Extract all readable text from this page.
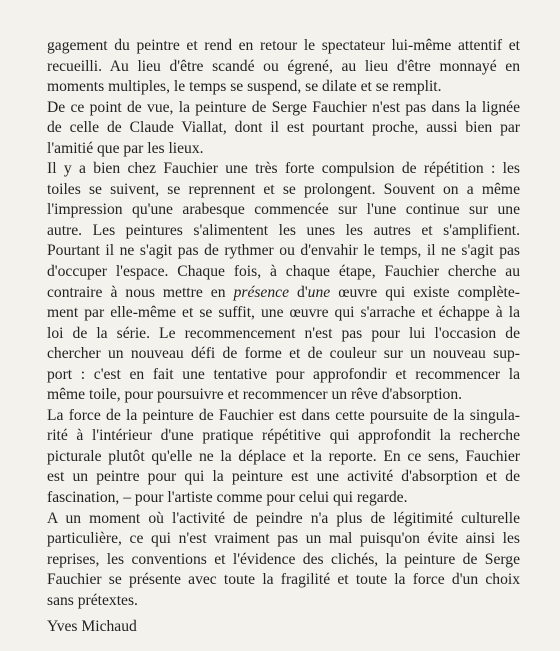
gagement du peintre et rend en retour le spectateur lui-même attentif et
recueilli. Au lieu d'être scandé ou égrené, au lieu d'être monnayé en
moments multiples, le temps se suspend, se dilate et se remplit.

De ce point de vue, la peinture de Serge Fauchier n'est pas dans la lignée
de celle de Claude Viallat, dont il est pourtant proche, aussi bien par
l'amitié que par les lieux.

Il y a bien chez Fauchier une très forte compulsion de répétition : les
toiles se suivent, se reprennent et se prolongent. Souvent on a même
l'impression qu'une arabesque commencée sur l'une continue sur une
autre. Les peintures s'alimentent les unes les autres et s'amplifient.
Pourtant il ne s'agit pas de rythmer ou d'envahir le temps, il ne s'agit pas
d'occuper l'espace. Chaque fois, à chaque étape, Fauchier cherche au
contraire à nous mettre en présence d'une œuvre qui existe complète-
ment par elle-même et se suffit, une œuvre qui s'arrache et échappe à la
loi de la série. Le recommencement n'est pas pour lui l'occasion de
chercher un nouveau défi de forme et de couleur sur un nouveau sup-
port : c'est en fait une tentative pour approfondir et recommencer la
même toile, pour poursuivre et recommencer un rêve d'absorption.

La force de la peinture de Fauchier est dans cette poursuite de la singula-
rité à l'intérieur d'une pratique répétitive qui approfondit la recherche
picturale plutôt qu'elle ne la déplace et la reporte. En ce sens, Fauchier
est un peintre pour qui la peinture est une activité d'absorption et de
fascination, – pour l'artiste comme pour celui qui regarde.

A un moment où l'activité de peindre n'a plus de légitimité culturelle
particulière, ce qui n'est vraiment pas un mal puisqu'on évite ainsi les
reprises, les conventions et l'évidence des clichés, la peinture de Serge
Fauchier se présente avec toute la fragilité et toute la force d'un choix
sans prétextes.

Yves Michaud
